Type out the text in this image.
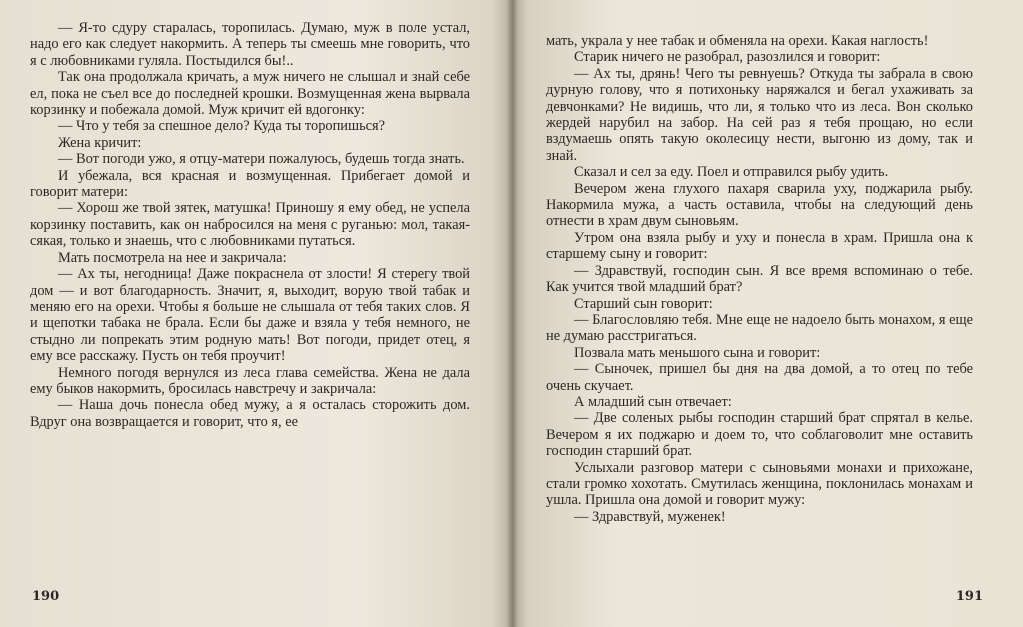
— Я-то сдуру старалась, торопилась. Думаю, муж в поле устал, надо его как следует накормить. А теперь ты смеешь мне говорить, что я с любовниками гуляла. Постыдился бы!..

Так она продолжала кричать, а муж ничего не слышал и знай себе ел, пока не съел все до последней крошки. Возмущенная жена вырвала корзинку и побежала домой. Муж кричит ей вдогонку:

— Что у тебя за спешное дело? Куда ты торопишься?

Жена кричит:

— Вот погоди ужо, я отцу-матери пожалуюсь, будешь тогда знать.

И убежала, вся красная и возмущенная. Прибегает домой и говорит матери:

— Хорош же твой зятек, матушка! Приношу я ему обед, не успела корзинку поставить, как он набросился на меня с руганью: мол, такая-сякая, только и знаешь, что с любовниками путаться.

Мать посмотрела на нее и закричала:

— Ах ты, негодница! Даже покраснела от злости! Я стерегу твой дом — и вот благодарность. Значит, я, выходит, ворую твой табак и меняю его на орехи. Чтобы я больше не слышала от тебя таких слов. Я и щепотки табака не брала. Если бы даже и взяла у тебя немного, не стыдно ли попрекать этим родную мать! Вот погоди, придет отец, я ему все расскажу. Пусть он тебя проучит!

Немного погодя вернулся из леса глава семейства. Жена не дала ему быков накормить, бросилась навстречу и закричала:

— Наша дочь понесла обед мужу, а я осталась сторожить дом. Вдруг она возвращается и говорит, что я, ее

190

мать, украла у нее табак и обменяла на орехи. Какая наглость!

Старик ничего не разобрал, разозлился и говорит:

— Ах ты, дрянь! Чего ты ревнуешь? Откуда ты забрала в свою дурную голову, что я потихоньку наряжался и бегал ухаживать за девчонками? Не видишь, что ли, я только что из леса. Вон сколько жердей нарубил на забор. На сей раз я тебя прощаю, но если вздумаешь опять такую околесицу нести, выгоню из дому, так и знай.

Сказал и сел за еду. Поел и отправился рыбу удить.

Вечером жена глухого пахаря сварила уху, поджарила рыбу. Накормила мужа, а часть оставила, чтобы на следующий день отнести в храм двум сыновьям.

Утром она взяла рыбу и уху и понесла в храм. Пришла она к старшему сыну и говорит:

— Здравствуй, господин сын. Я все время вспоминаю о тебе. Как учится твой младший брат?

Старший сын говорит:

— Благословляю тебя. Мне еще не надоело быть монахом, я еще не думаю расстригаться.

Позвала мать меньшого сына и говорит:

— Сыночек, пришел бы дня на два домой, а то отец по тебе очень скучает.

А младший сын отвечает:

— Две соленых рыбы господин старший брат спрятал в келье. Вечером я их поджарю и доем то, что соблаговолит мне оставить господин старший брат.

Услыхали разговор матери с сыновьями монахи и прихожане, стали громко хохотать. Смутилась женщина, поклонилась монахам и ушла. Пришла она домой и говорит мужу:

— Здравствуй, муженек!

191
